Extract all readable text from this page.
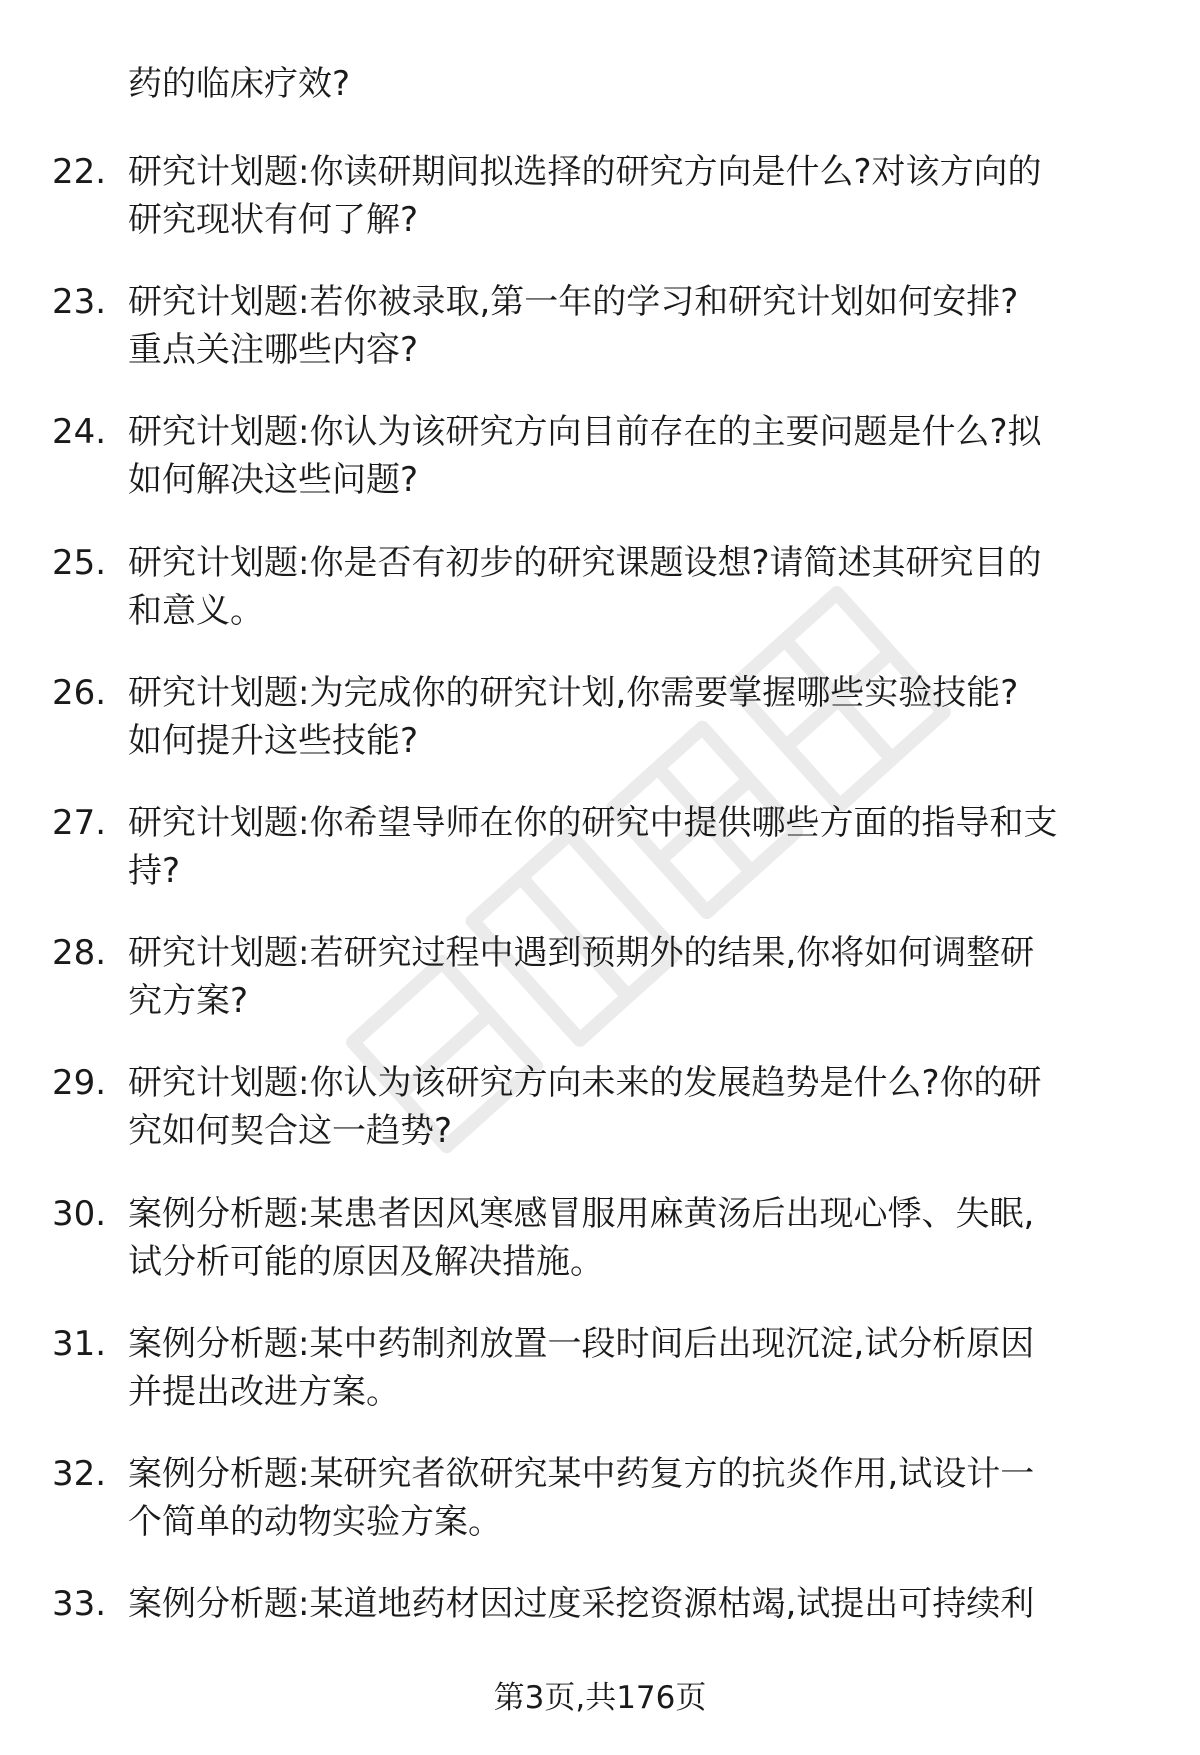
药的临床疗效?
22. 研究计划题:你读研期间拟选择的研究方向是什么?对该方向的
研究现状有何了解?
23. 研究计划题:若你被录取,第一年的学习和研究计划如何安排?
重点关注哪些内容?
24. 研究计划题:你认为该研究方向目前存在的主要问题是什么?拟
如何解决这些问题?
25. 研究计划题:你是否有初步的研究课题设想?请简述其研究目的
和意义。
26. 研究计划题:为完成你的研究计划,你需要掌握哪些实验技能?
如何提升这些技能?
27. 研究计划题:你希望导师在你的研究中提供哪些方面的指导和支
持?
28. 研究计划题:若研究过程中遇到预期外的结果,你将如何调整研
究方案?
29. 研究计划题:你认为该研究方向未来的发展趋势是什么?你的研
究如何契合这一趋势?
30. 案例分析题:某患者因风寒感冒服用麻黄汤后出现心悸、失眠,
试分析可能的原因及解决措施。
31. 案例分析题:某中药制剂放置一段时间后出现沉淀,试分析原因
并提出改进方案。
32. 案例分析题:某研究者欲研究某中药复方的抗炎作用,试设计一
个简单的动物实验方案。
33. 案例分析题:某道地药材因过度采挖资源枯竭,试提出可持续利
第3页,共176页
